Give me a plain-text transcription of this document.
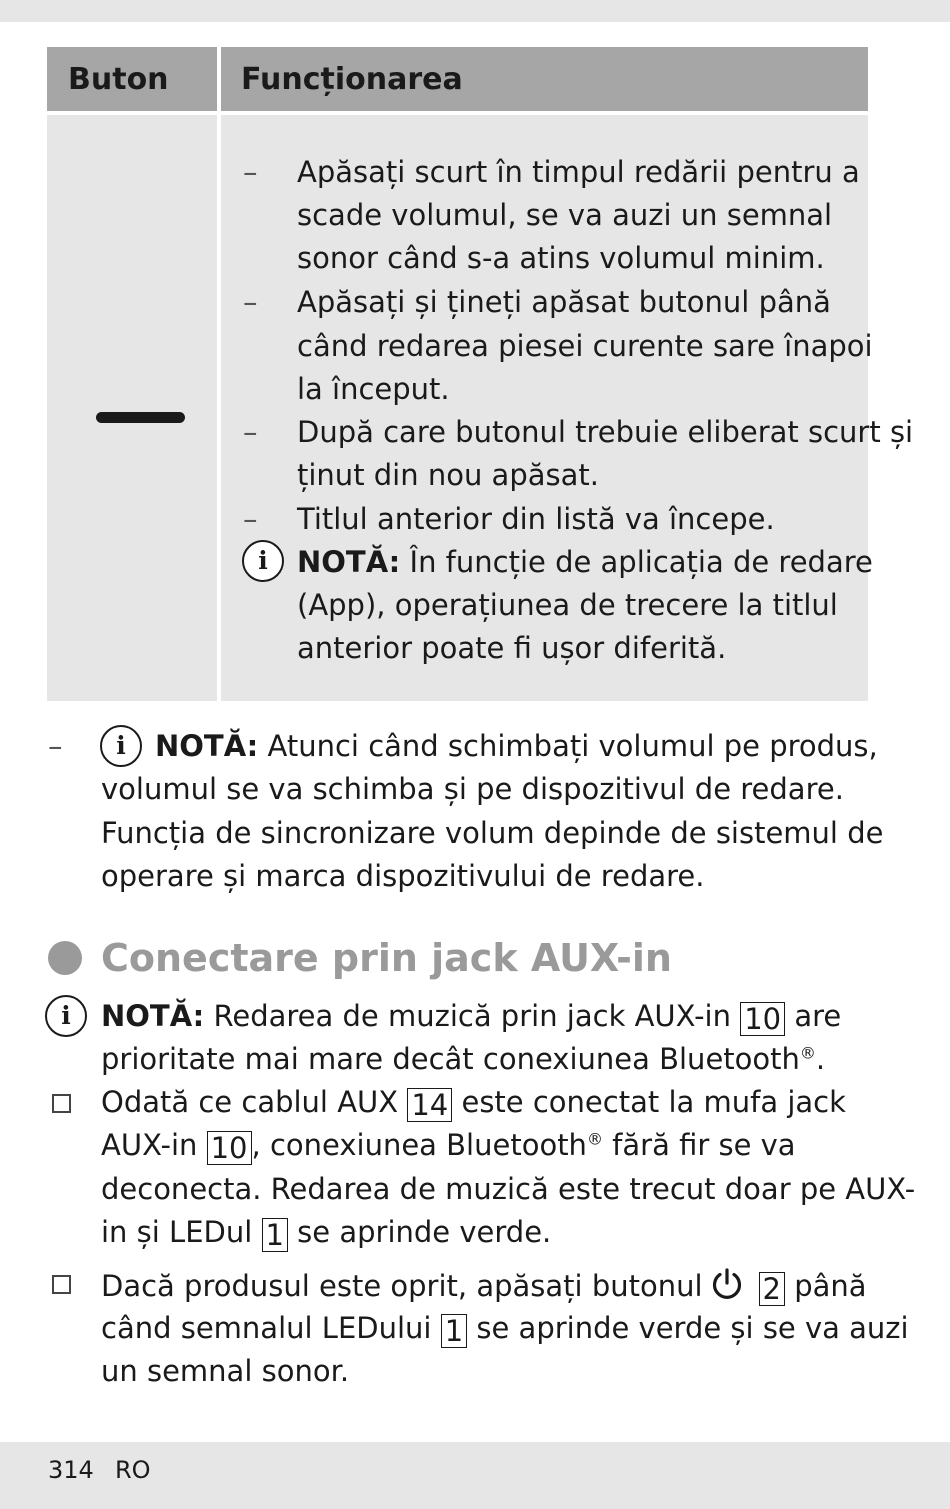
Buton Funcționarea
– Apăsați scurt în timpul redării pentru a
scade volumul, se va auzi un semnal
sonor când s-a atins volumul minim.
– Apăsați și țineți apăsat butonul până
când redarea piesei curente sare înapoi
la început.
– După care butonul trebuie eliberat scurt și
ținut din nou apăsat.
– Titlul anterior din listă va începe.
i	NOTĂ: În funcție de aplicația de redare
(App), operațiunea de trecere la titlul
anterior poate fi ușor diferită.
–	i	NOTĂ: Atunci când schimbați volumul pe produs,
volumul se va schimba și pe dispozitivul de redare.
Funcția de sincronizare volum depinde de sistemul de
operare și marca dispozitivului de redare.
Conectare prin jack AUX-in
i	NOTĂ: Redarea de muzică prin jack AUX-in 10 are
prioritate mai mare decât conexiunea Bluetooth®.
Odată ce cablul AUX 14 este conectat la mufa jack
AUX-in 10 , conexiunea Bluetooth® fără fir se va
deconecta. Redarea de muzică este trecut doar pe AUX-
in și LEDul 1 se aprinde verde.
Dacă produsul este oprit, apăsați butonul 2 până
când semnalul LEDului 1 se aprinde verde și se va auzi
un semnal sonor.
314 RO
